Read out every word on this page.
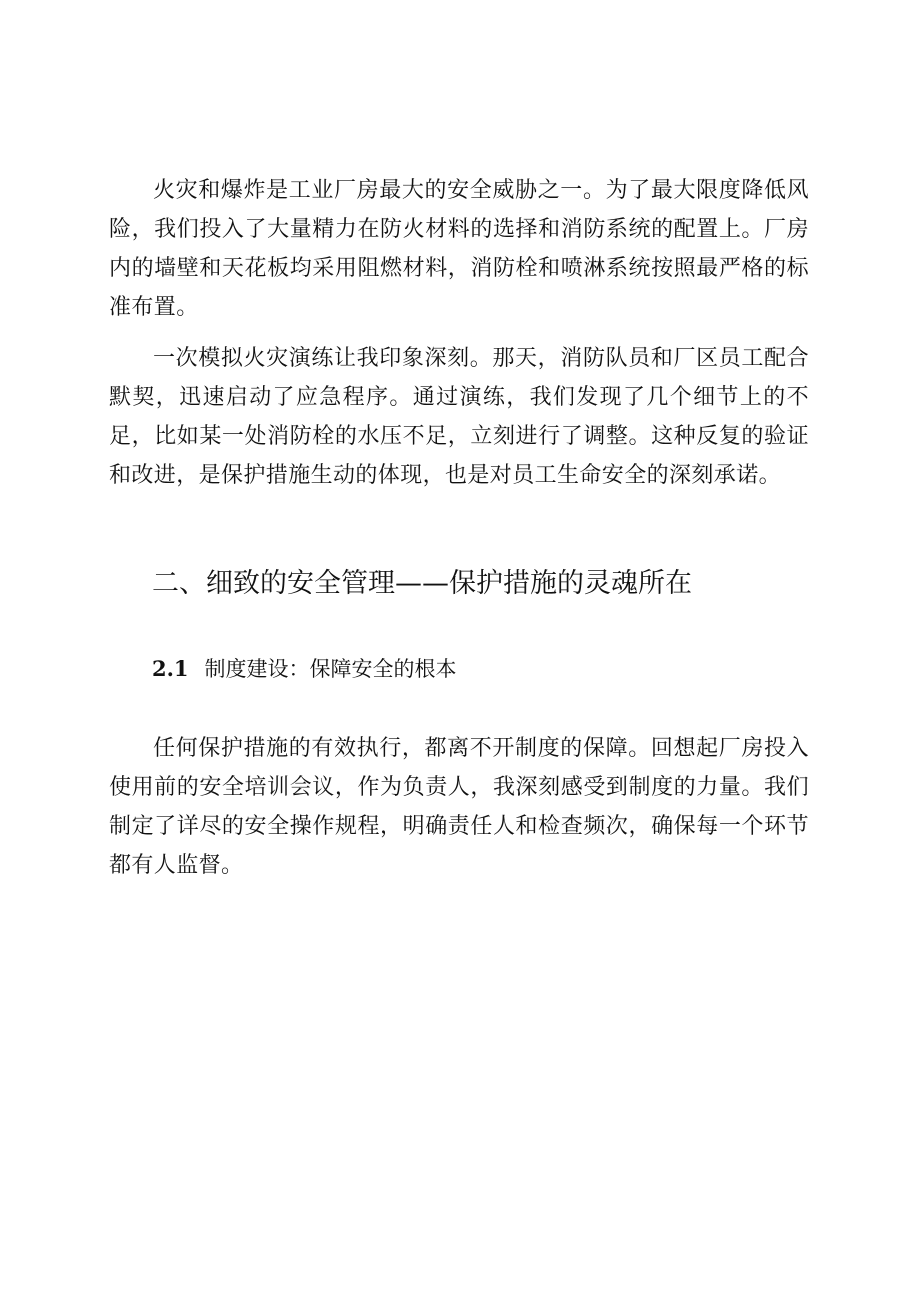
火灾和爆炸是工业厂房最大的安全威胁之一。为了最大限度降低风险，我们投入了大量精力在防火材料的选择和消防系统的配置上。厂房内的墙壁和天花板均采用阻燃材料，消防栓和喷淋系统按照最严格的标准布置。

一次模拟火灾演练让我印象深刻。那天，消防队员和厂区员工配合默契，迅速启动了应急程序。通过演练，我们发现了几个细节上的不足，比如某一处消防栓的水压不足，立刻进行了调整。这种反复的验证和改进，是保护措施生动的体现，也是对员工生命安全的深刻承诺。

二、细致的安全管理——保护措施的灵魂所在
2.1 制度建设：保障安全的根本

任何保护措施的有效执行，都离不开制度的保障。回想起厂房投入使用前的安全培训会议，作为负责人，我深刻感受到制度的力量。我们制定了详尽的安全操作规程，明确责任人和检查频次，确保每一个环节都有人监督。
